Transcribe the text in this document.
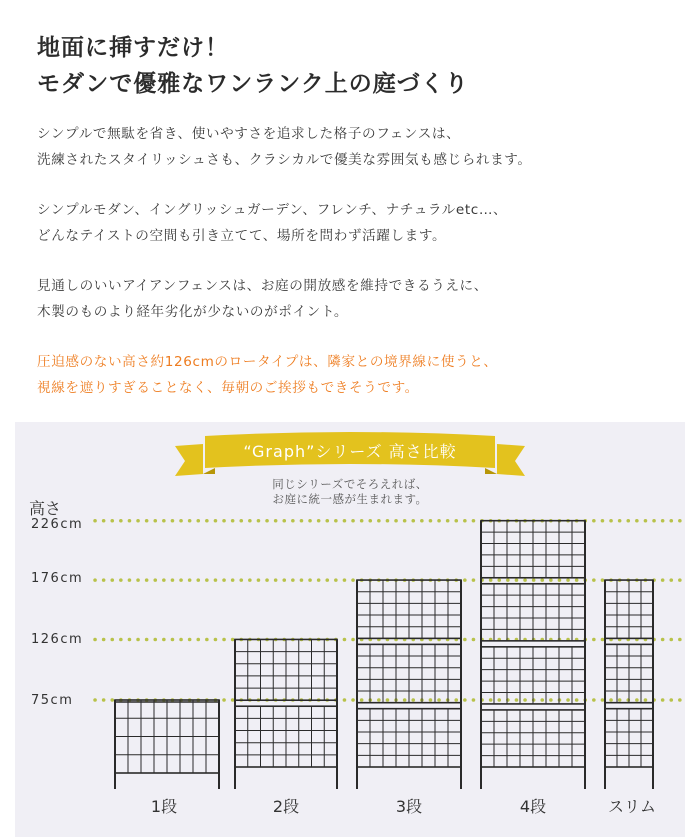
地面に挿すだけ！
モダンで優雅なワンランク上の庭づくり

シンプルで無駄を省き、使いやすさを追求した格子のフェンスは、
洗練されたスタイリッシュさも、クラシカルで優美な雰囲気も感じられます。

シンプルモダン、イングリッシュガーデン、フレンチ、ナチュラルetc…、
どんなテイストの空間も引き立てて、場所を問わず活躍します。

見通しのいいアイアンフェンスは、お庭の開放感を維持できるうえに、
木製のものより経年劣化が少ないのがポイント。

圧迫感のない高さ約126cmのロータイプは、隣家との境界線に使うと、
視線を遮りすぎることなく、毎朝のご挨拶もできそうです。

“Graph”シリーズ 高さ比較
同じシリーズでそろえれば、
お庭に統一感が生まれます。
高さ
226cm
176cm
126cm
75cm
1段	2段	3段	4段	スリム
